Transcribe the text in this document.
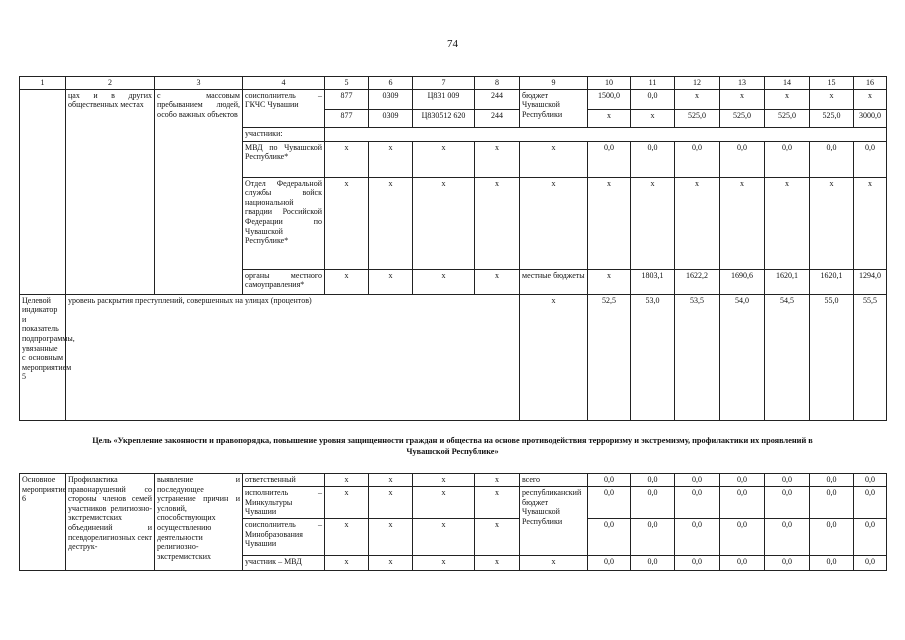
74
1	2	3	4	5	6	7	8	9	10	11	12	13	14	15	16
	цах и в других общественных местах	с массовым пребыванием людей, особо важных объектов	соисполнитель – ГКЧС Чувашии	877	0309	Ц831 009	244	бюджет Чувашской Республики	1500,0	0,0	x	x	x	x	x
				877	0309	Ц830512 620	244		x	x	525,0	525,0	525,0	525,0	3000,0
			участники:												
			МВД по Чувашской Республике*	x	x	x	x	x	0,0	0,0	0,0	0,0	0,0	0,0	0,0
			Отдел Федеральной службы войск национальной гвардии Российской Федерации по Чувашской Республике*	x	x	x	x	x	x	x	x	x	x	x	x
			органы местного самоуправления*	x	x	x	x	местные бюджеты	x	1803,1	1622,2	1690,6	1620,1	1620,1	1294,0
Целевой индикатор и показатель подпрограммы, увязанные с основным мероприятием 5	уровень раскрытия преступлений, совершенных на улицах (процентов)							x	52,5	53,0	53,5	54,0	54,5	55,0	55,5
Цель «Укрепление законности и правопорядка, повышение уровня защищенности граждан и общества на основе противодействия терроризму и экстремизму, профилактики их проявлений в Чувашской Республике»
Основное мероприятие 6	Профилактика правонарушений со стороны членов семей участников религиозно-экстремистских объединений и псевдорелигиозных сект деструк-	выявление и последующее устранение причин и условий, способствующих осуществлению деятельности религиозно-экстремистских	ответственный	x	x	x	x	всего	0,0	0,0	0,0	0,0	0,0	0,0	0,0
			исполнитель – Минкультуры Чувашии	x	x	x	x	республиканский бюджет Чувашской Республики	0,0	0,0	0,0	0,0	0,0	0,0	0,0
			соисполнитель – Минобразования Чувашии	x	x	x	x		0,0	0,0	0,0	0,0	0,0	0,0	0,0
			участник – МВД	x	x	x	x	x	0,0	0,0	0,0	0,0	0,0	0,0	0,0
